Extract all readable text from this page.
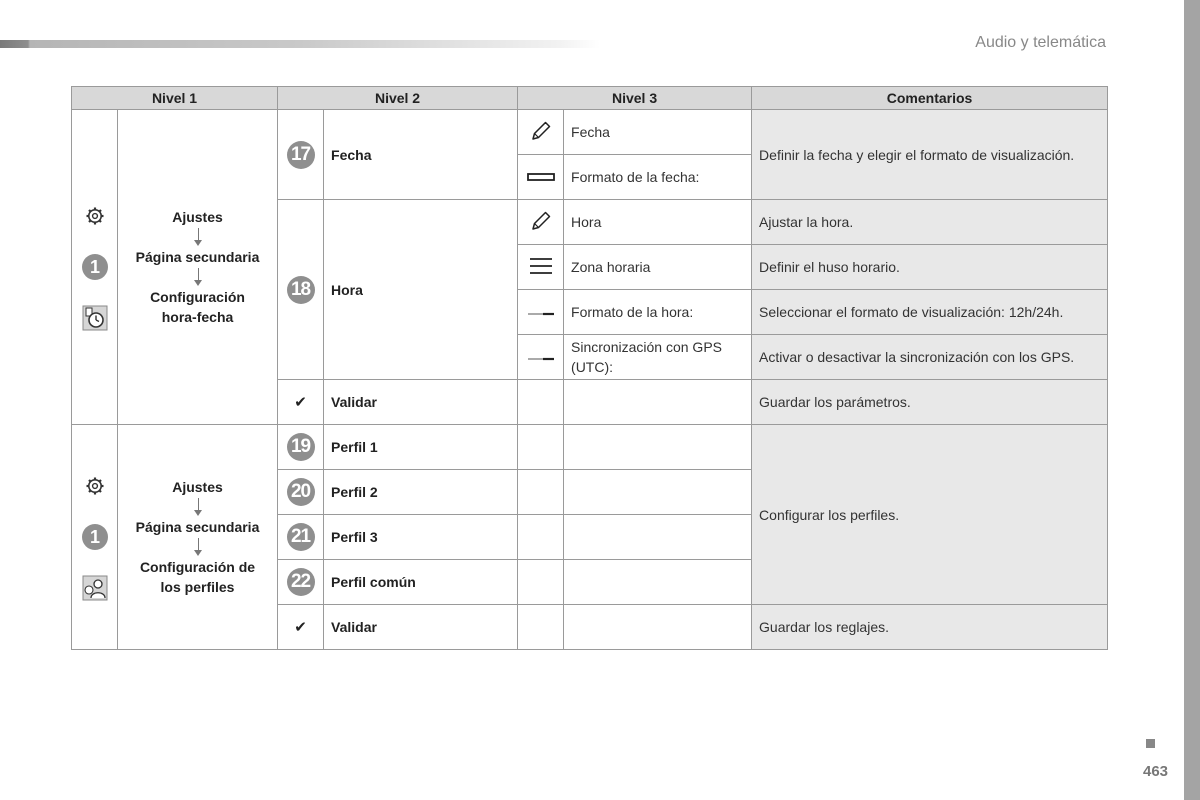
Audio y telemática
463
Nivel 1		Nivel 2		Nivel 3		Comentarios

1	Ajustes
Página secundaria
Configuración
hora-fecha	17	Fecha		Fecha	Definir la fecha y elegir el formato de visualización.
	Formato de la fecha:	
		18	Hora		Hora	Ajustar la hora.
	Zona horaria	Definir el huso horario.
	Formato de la hora:	Seleccionar el formato de visualización: 12h/24h.
	Sincronización con GPS (UTC):	Activar o desactivar la sincronización con los GPS.
		✔	Validar			Guardar los parámetros.

1	Ajustes
Página secundaria
Configuración de
los perfiles	19	Perfil 1			Configurar los perfiles.
		20	Perfil 2			
		21	Perfil 3			
		22	Perfil común			
		✔	Validar			Guardar los reglajes.
